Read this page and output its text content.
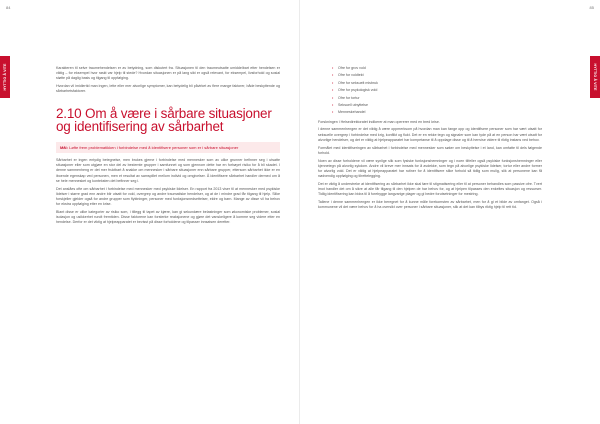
84
HYTTIG Å VITE	Karakteren til selve traumehendelsen er av betydning, som diskutert fra. Situasjonen til den traumeutsatte umiddelbart etter hendelsen er viktig – for eksempel hvor raskt var hjelp til stede? Hvordan situasjonen er på lang sikt er også relevant, for eksempel, livsforhold og sosial støtte på daglig basis og tilgang til oppfølging.

Hvordan vil imidlertid man ingen, lette eller mer alvorlige symptomer, kan betydelig bli påvirket av flere mange faktorer, både beskyttende og sårbarhetsfaktorer.

2.10 Om å være i sårbare situasjoner og identifisering av sårbarhet
Mål: Løfte frem problematikken i forbindelse med å identifisere personer som er i sårbare situasjoner

Sårbarhet er ingen entydig betegnelse, men brukes gjerne i forbindelse med mennesker som av ulike grunner befinner seg i utsatte situasjoner eller som utgjøre en stor del av bestemte grupper i samfunnet og som gjennom dette har en forhøyet risiko for å bli skadet. I denne sammenheng er det mer fruktbart å snakke om mennesker i sårbare situasjoner enn sårbare grupper, ettersom sårbarhet ikke er en iboende egenskap ved personen, men et resultat av samspillet mellom individ og omgivelser. Å identifisere sårbarhet handler dermed om å se hele mennesket og konteksten det befinner seg i.

Det anslåes ofte om sårbarhet i forbindelse med mennesker med psykiske lidelser. En rapport fra 2013 viser til at mennesker med psykiske lidelser i større grad enn andre blir utsatt for vold, overgrep og andre traumatiske hendelser, og at de i mindre grad får tilgang til hjelp. Slike forskjeller gjelder også for andre grupper som flyktninger, personer med funksjonsnedsettelser, eldre og barn. Mange av disse vil ha behov for ekstra oppfølging etter en krise.

Blant disse er ulike kategorier av risiko som, i tillegg til tapet av kjære, kan gi sekundære belastninger som økonomiske problemer, sosial isolasjon og usikkerhet rundt fremtiden. Disse faktorene kan forsterke reaksjonene og gjøre det vanskeligere å komme seg videre etter en hendelse. Derfor er det viktig at hjelpeapparatet er bevisst på disse forholdene og tilpasser innsatsen deretter.

85
HYTTIG Å VITE
• Ofre for grov vold
• Ofre for voldtekt
• Ofre for seksuelt misbruk
• Ofre for psykologisk vold
• Ofre for tortur
• Seksuell utnyttelse
• Menneskehandel

Forskningen i Helsedirektoratet indikerer at man opererer med en bred krise.

I denne sammenhengen er det viktig å være oppmerksom på hvordan man kan fange opp og identifisere personer som har vært utsatt for seksuelle overgrep i forbindelse med krig, konflikt og flukt. Det er en rekke tegn og signaler som kan tyde på at en person har vært utsatt for alvorlige hendelser, og det er viktig at hjelpeapparatet har kompetanse til å oppdage disse og til å henvise videre til riktig instans ved behov.

Formålet med identifiseringen av sårbarhet i forbindelse med mennesker som søker om beskyttelse i et land, kan omfatte til dels følgende forhold.

Noen av disse forholdene vil være synlige slik som fysiske funksjonshemninger og i noen tilfeller også psykiske funksjonshemninger eller kjennetegn på alvorlig sykdom. Andre vil kreve mer innsats for å avdekke, som tegn på alvorlige psykiske lidelser, tortur eller andre former for alvorlig vold. Det er viktig at hjelpeapparatet har rutiner for å identifisere slike forhold så tidlig som mulig, slik at personene kan få nødvendig oppfølging og tilrettelegging.

Det er viktig å understreke at identifisering av sårbarhet ikke skal føre til stigmatisering eller til at personer behandles som passive ofre. Tvert imot handler det om å sikre at alle får tilgang til den hjelpen de har behov for, og at hjelpen tilpasses den enkeltes situasjon og ressurser. Tidlig identifisering kan bidra til å forebygge langvarige plager og gi bedre forutsetninger for mestring.

Tallene i denne sammenhengen er ikke beregnet for å kunne måle forekomsten av sårbarhet, men for å gi et bilde av omfanget. Også i kommunene vil det være behov for å ha oversikt over personer i sårbare situasjoner, slik at det kan tilbys riktig hjelp til rett tid.
